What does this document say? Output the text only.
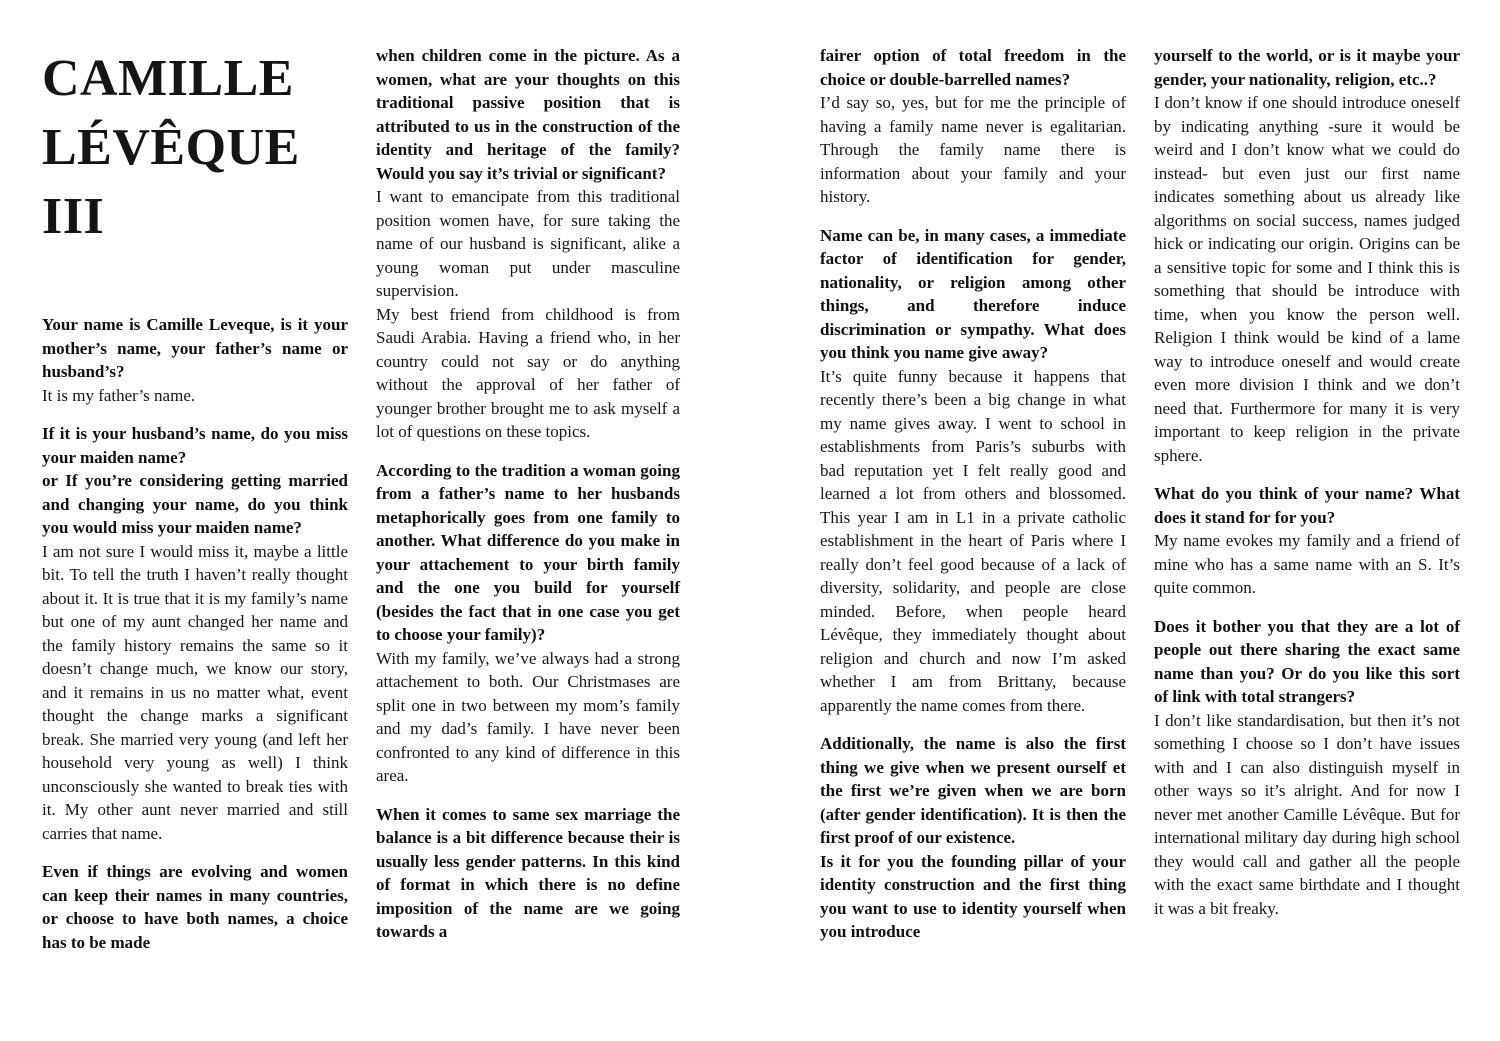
CAMILLE
LÉVÊQUE
III

Your name is Camille Leveque, is it your mother’s name, your father’s name or husband’s?

It is my father’s name.

If it is your husband’s name, do you miss your maiden name?

or If you’re considering getting married and changing your name, do you think you would miss your maiden name?

I am not sure I would miss it, maybe a little bit. To tell the truth I haven’t really thought about it. It is true that it is my family’s name but one of my aunt changed her name and the family history remains the same so it doesn’t change much, we know our story, and it remains in us no matter what, event thought the change marks a significant break. She married very young (and left her household very young as well) I think unconsciously she wanted to break ties with it. My other aunt never married and still carries that name.

Even if things are evolving and women can keep their names in many countries, or choose to have both names, a choice has to be made

when children come in the picture. As a women, what are your thoughts on this traditional passive position that is attributed to us in the construction of the identity and heritage of the family? Would you say it’s trivial or significant?

I want to emancipate from this traditional position women have, for sure taking the name of our husband is significant, alike a young woman put under masculine supervision.

My best friend from childhood is from Saudi Arabia. Having a friend who, in her country could not say or do anything without the approval of her father of younger brother brought me to ask myself a lot of questions on these topics.

According to the tradition a woman going from a father’s name to her husbands metaphorically goes from one family to another. What difference do you make in your attachement to your birth family and the one you build for yourself (besides the fact that in one case you get to choose your family)?

With my family, we’ve always had a strong attachement to both. Our Christmases are split one in two between my mom’s family and my dad’s family. I have never been confronted to any kind of difference in this area.

When it comes to same sex marriage the balance is a bit difference because their is usually less gender patterns. In this kind of format in which there is no define imposition of the name are we going towards a

fairer option of total freedom in the choice or double-barrelled names?

I’d say so, yes, but for me the principle of having a family name never is egalitarian. Through the family name there is information about your family and your history.

Name can be, in many cases, a immediate factor of identification for gender, nationality, or religion among other things, and therefore induce discrimination or sympathy. What does you think you name give away?

It’s quite funny because it happens that recently there’s been a big change in what my name gives away. I went to school in establishments from Paris’s suburbs with bad reputation yet I felt really good and learned a lot from others and blossomed. This year I am in L1 in a private catholic establishment in the heart of Paris where I really don’t feel good because of a lack of diversity, solidarity, and people are close minded. Before, when people heard Lévêque, they immediately thought about religion and church and now I’m asked whether I am from Brittany, because apparently the name comes from there.

Additionally, the name is also the first thing we give when we present ourself et the first we’re given when we are born (after gender identification). It is then the first proof of our existence.

Is it for you the founding pillar of your identity construction and the first thing you want to use to identity yourself when you introduce

yourself to the world, or is it maybe your gender, your nationality, religion, etc..?

I don’t know if one should introduce oneself by indicating anything -sure it would be weird and I don’t know what we could do instead- but even just our first name indicates something about us already like algorithms on social success, names judged hick or indicating our origin. Origins can be a sensitive topic for some and I think this is something that should be introduce with time, when you know the person well. Religion I think would be kind of a lame way to introduce oneself and would create even more division I think and we don’t need that. Furthermore for many it is very important to keep religion in the private sphere.

What do you think of your name? What does it stand for for you?

My name evokes my family and a friend of mine who has a same name with an S. It’s quite common.

Does it bother you that they are a lot of people out there sharing the exact same name than you? Or do you like this sort of link with total strangers?

I don’t like standardisation, but then it’s not something I choose so I don’t have issues with and I can also distinguish myself in other ways so it’s alright. And for now I never met another Camille Lévêque. But for international military day during high school they would call and gather all the people with the exact same birthdate and I thought it was a bit freaky.
